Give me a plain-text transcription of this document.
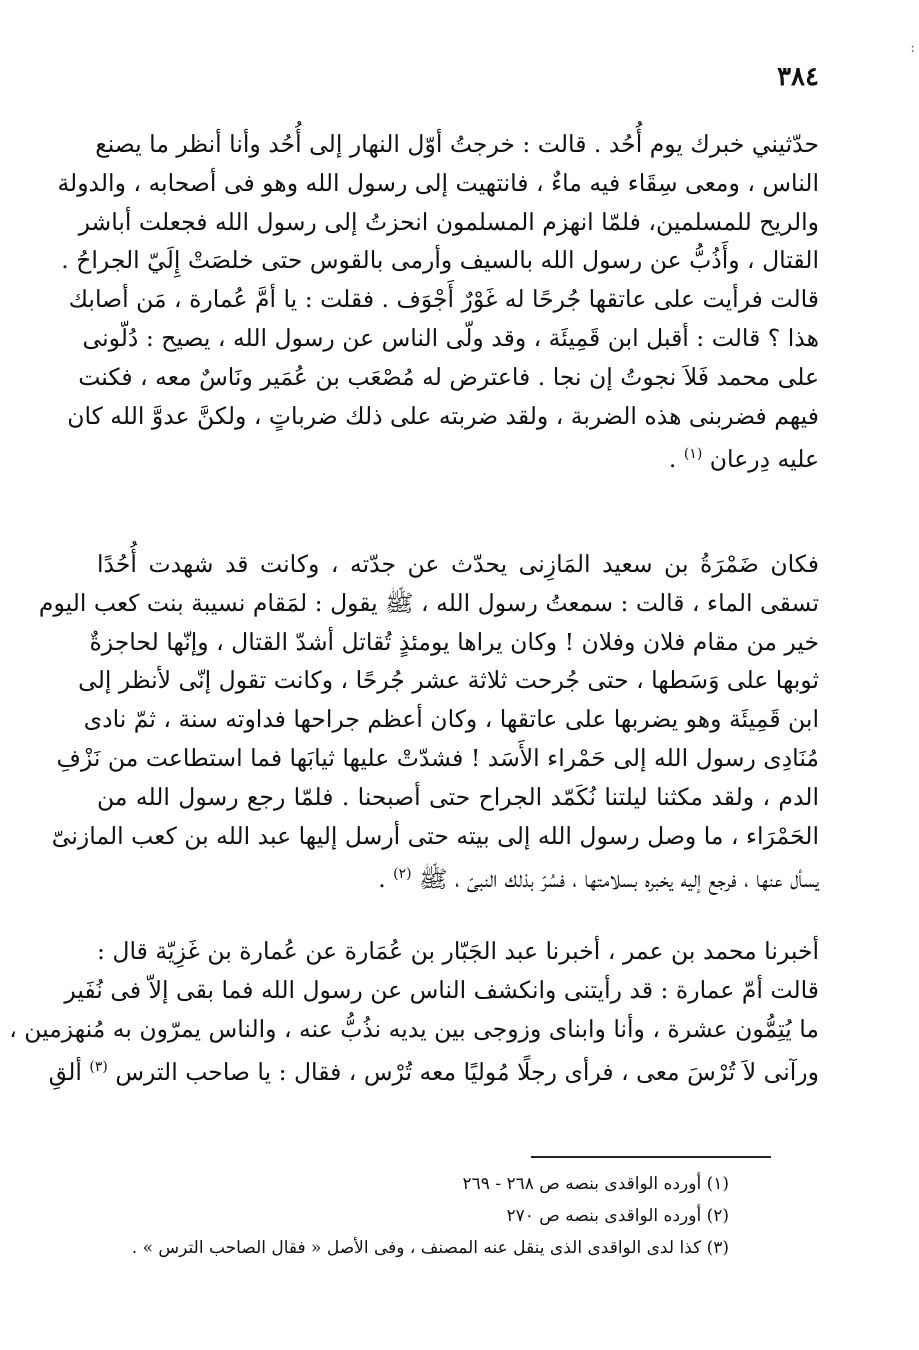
:
٣٨٤
حدّثيني خبرك يوم أُحُد . قالت : خرجتُ أوّل النهار إلى أُحُد وأنا أنظر ما يصنع
الناس ، ومعى سِقَاء فيه ماءٌ ، فانتهيت إلى رسول الله وهو فى أصحابه ، والدولة
والريح للمسلمين، فلمّا انهزم المسلمون انحزتُ إلى رسول الله فجعلت أباشر
القتال ، وأَذُبُّ عن رسول الله بالسيف وأرمى بالقوس حتى خلصَتْ إِلَيّ الجراحُ .
قالت فرأيت على عاتقها جُرحًا له غَوْرٌ أَجْوَف . فقلت : يا أمَّ عُمارة ، مَن أصابك
هذا ؟ قالت : أقبل ابن قَمِيئَة ، وقد ولّى الناس عن رسول الله ، يصيح : دُلّونى
على محمد فَلاَ نجوتُ إن نجا . فاعترض له مُصْعَب بن عُمَير ونَاسٌ معه ، فكنت
فيهم فضربنى هذه الضربة ، ولقد ضربته على ذلك ضرباتٍ ، ولكنَّ عدوَّ الله كان
عليه دِرعان $^{(١)}$ .
فكان ضَمْرَةُ بن سعيد المَازِنى يحدّث عن جدّته ، وكانت قد شهدت أُحُدًا
تسقى الماء ، قالت : سمعتُ رسول الله ، ﷺ يقول : لمَقام نسيبة بنت كعب اليوم
خير من مقام فلان وفلان ! وكان يراها يومئذٍ تُقاتل أشدّ القتال ، وإنّها لحاجزةٌ
ثوبها على وَسَطها ، حتى جُرحت ثلاثة عشر جُرحًا ، وكانت تقول إنّى لأنظر إلى
ابن قَمِيئَة وهو يضربها على عاتقها ، وكان أعظم جراحها فداوته سنة ، ثمّ نادى
مُنَادِى رسول الله إلى حَمْراء الأَسَد ! فشدّتْ عليها ثيابَها فما استطاعت من نَزْفِ
الدم ، ولقد مكثنا ليلتنا نُكَمّد الجراح حتى أصبحنا . فلمّا رجع رسول الله من
الحَمْرَاء ، ما وصل رسول الله إلى بيته حتى أرسل إليها عبد الله بن كعب المازنىّ
يسأل عنها ، فرجع إليه يخبره بسلامتها ، فسُرّ بذلك النبىّ ، ﷺ $^{(٢)}$ .
أخبرنا محمد بن عمر ، أخبرنا عبد الجَبّار بن عُمَارة عن عُمارة بن غَزِيّة قال :
قالت أمّ عمارة : قد رأيتنى وانكشف الناس عن رسول الله فما بقى إلاّ فى نُفَير
ما يُتِمُّون عشرة ، وأنا وابناى وزوجى بين يديه نذُبُّ عنه ، والناس يمرّون به مُنهزمين ،
ورآنى لاَ تُرْسَ معى ، فرأى رجلًا مُوليًا معه تُرْس ، فقال : يا صاحب الترس $^{(٣)}$ ألقِ
(١) أورده الواقدى بنصه ص ٢٦٨ - ٢٦٩
(٢) أورده الواقدى بنصه ص ٢٧٠
(٣) كذا لدى الواقدى الذى ينقل عنه المصنف ، وفى الأصل « فقال الصاحب الترس » .
